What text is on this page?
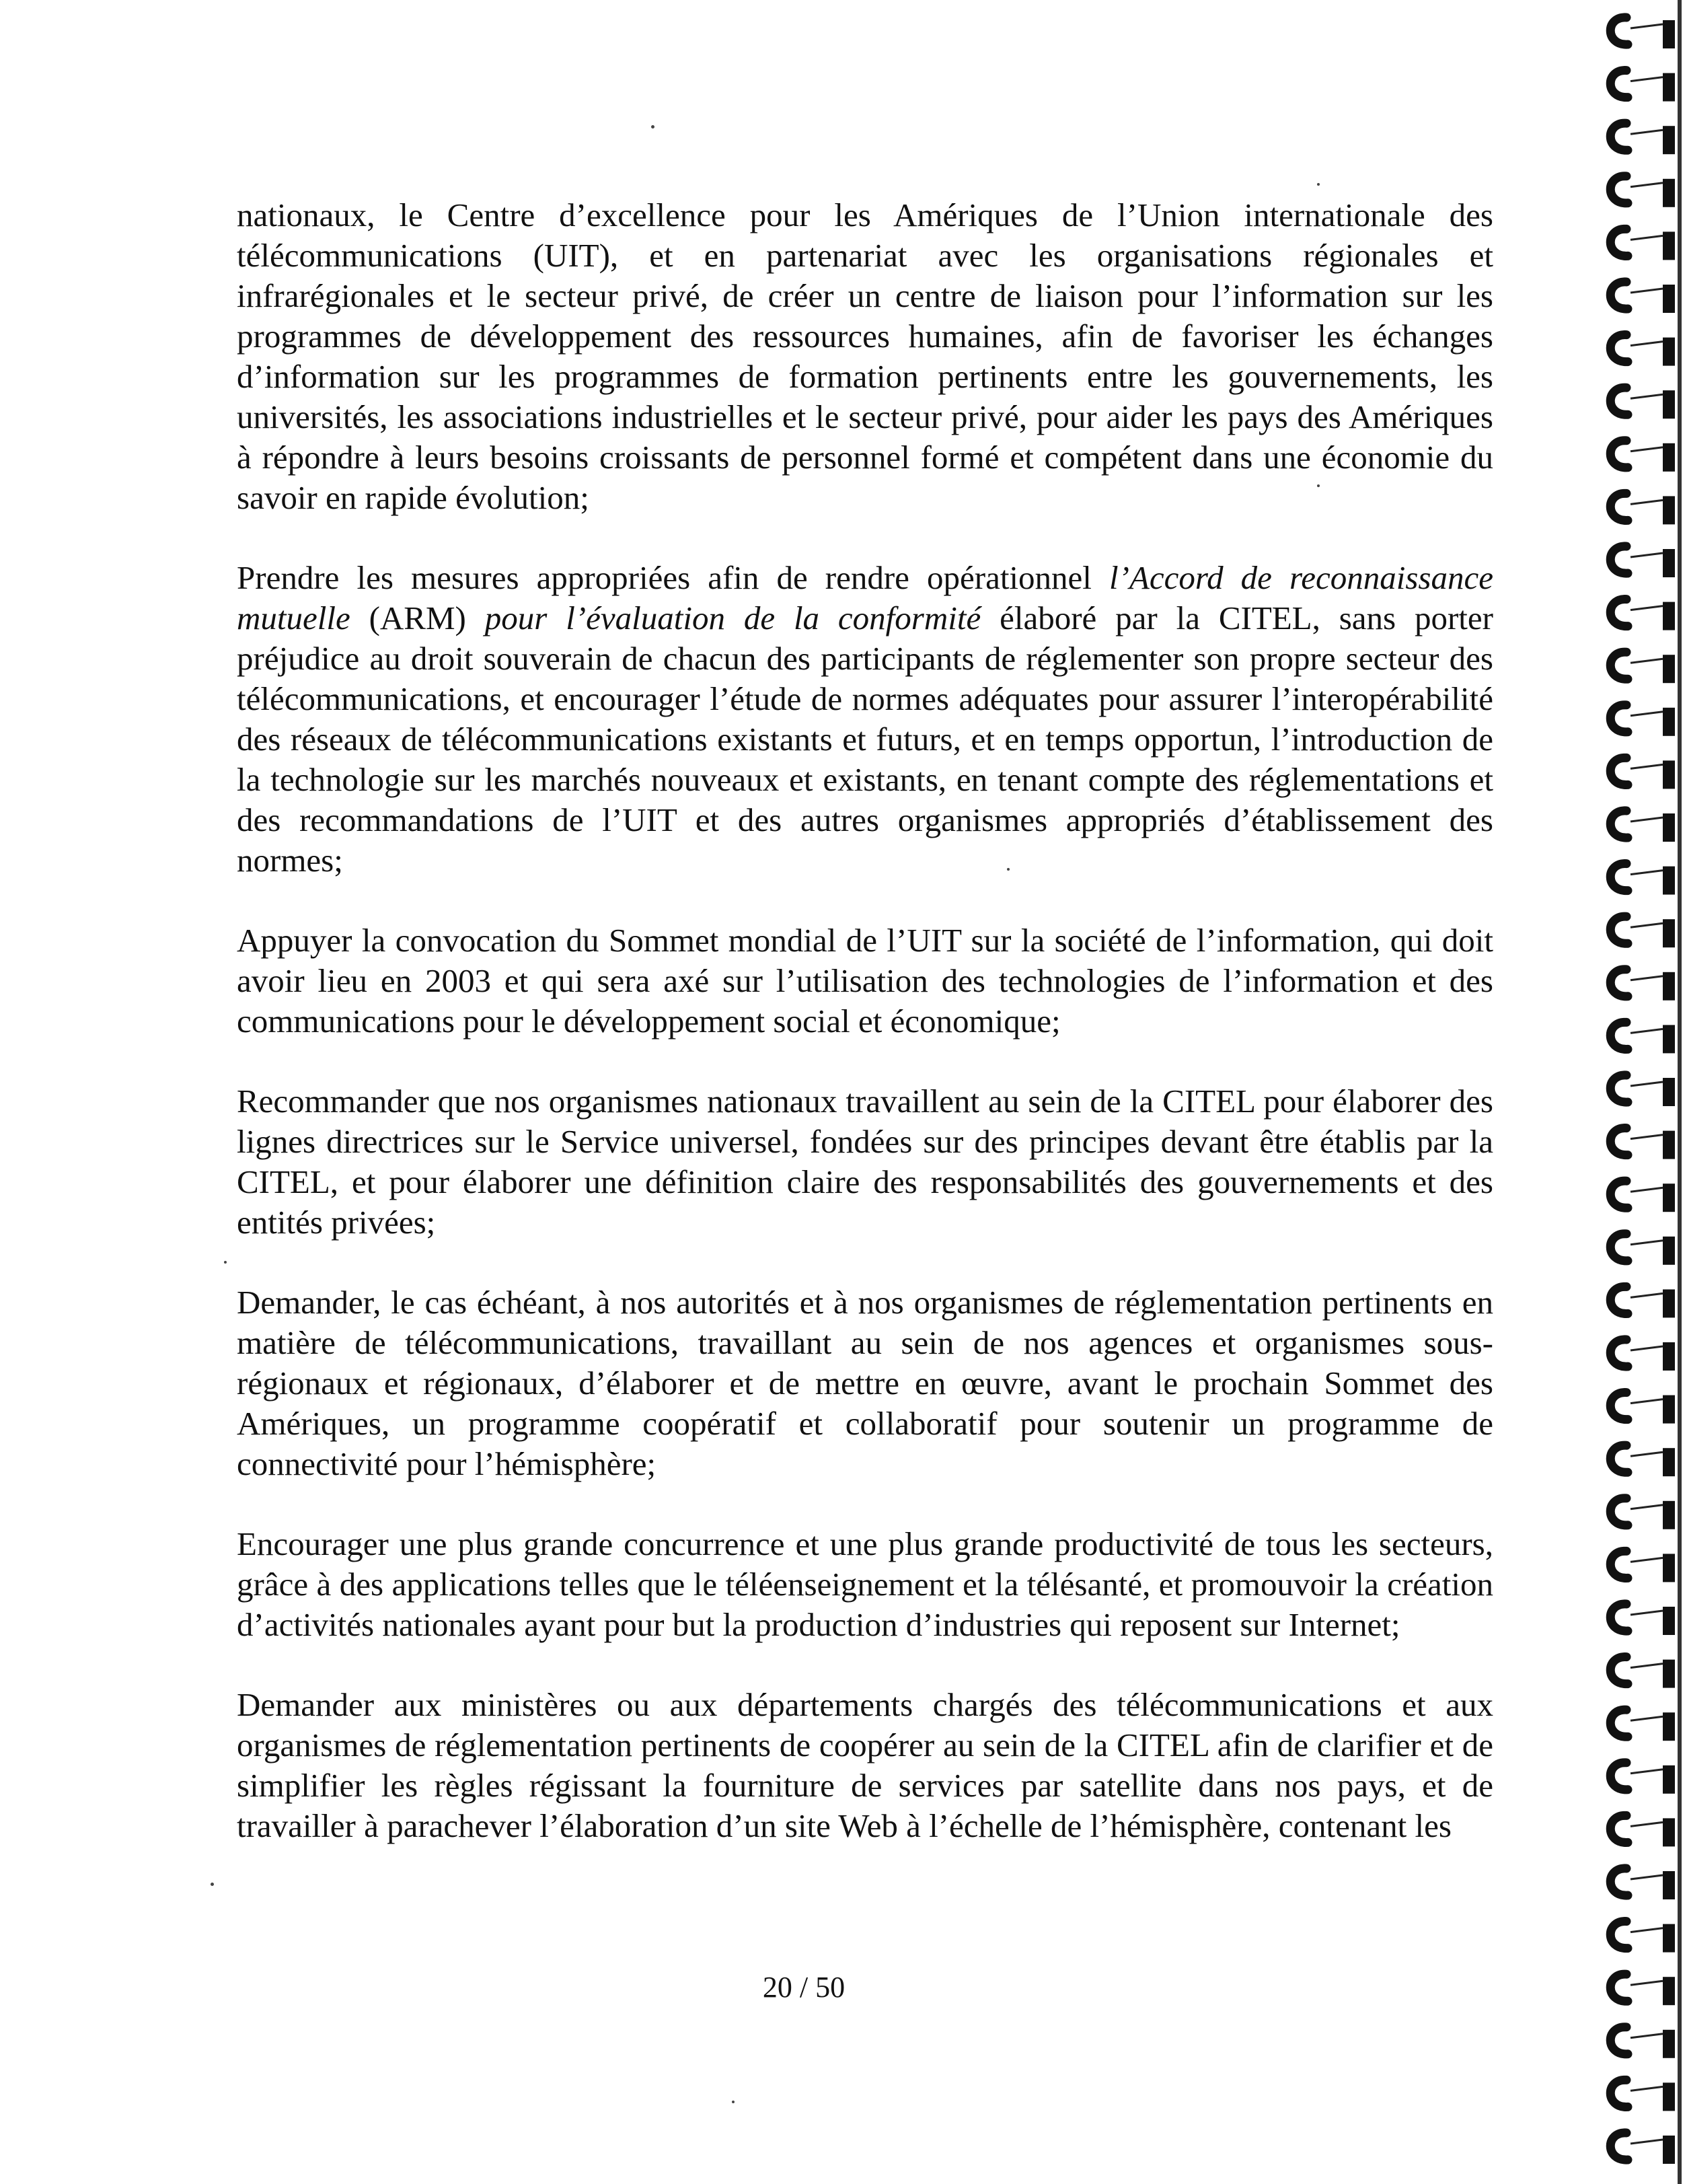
nationaux, le Centre d’excellence pour les Amériques de l’Union internationale des télécommunications (UIT), et en partenariat avec les organisations régionales et infrarégionales et le secteur privé, de créer un centre de liaison pour l’information sur les programmes de développement des ressources humaines, afin de favoriser les échanges d’information sur les programmes de formation pertinents entre les gouvernements, les universités, les associations industrielles et le secteur privé, pour aider les pays des Amériques à répondre à leurs besoins croissants de personnel formé et compétent dans une économie du savoir en rapide évolution;

Prendre les mesures appropriées afin de rendre opérationnel l’Accord de reconnaissance mutuelle (ARM) pour l’évaluation de la conformité élaboré par la CITEL, sans porter préjudice au droit souverain de chacun des participants de réglementer son propre secteur des télécommunications, et encourager l’étude de normes adéquates pour assurer l’interopérabilité des réseaux de télécommunications existants et futurs, et en temps opportun, l’introduction de la technologie sur les marchés nouveaux et existants, en tenant compte des réglementations et des recommandations de l’UIT et des autres organismes appropriés d’établissement des normes;

Appuyer la convocation du Sommet mondial de l’UIT sur la société de l’information, qui doit avoir lieu en 2003 et qui sera axé sur l’utilisation des technologies de l’information et des communications pour le développement social et économique;

Recommander que nos organismes nationaux travaillent au sein de la CITEL pour élaborer des lignes directrices sur le Service universel, fondées sur des principes devant être établis par la CITEL, et pour élaborer une définition claire des responsabilités des gouvernements et des entités privées;

Demander, le cas échéant, à nos autorités et à nos organismes de réglementation pertinents en matière de télécommunications, travaillant au sein de nos agences et organismes sous-régionaux et régionaux, d’élaborer et de mettre en œuvre, avant le prochain Sommet des Amériques, un programme coopératif et collaboratif pour soutenir un programme de connectivité pour l’hémisphère;

Encourager une plus grande concurrence et une plus grande productivité de tous les secteurs, grâce à des applications telles que le téléenseignement et la télésanté, et promouvoir la création d’activités nationales ayant pour but la production d’industries qui reposent sur Internet;

Demander aux ministères ou aux départements chargés des télécommunications et aux organismes de réglementation pertinents de coopérer au sein de la CITEL afin de clarifier et de simplifier les règles régissant la fourniture de services par satellite dans nos pays, et de travailler à parachever l’élaboration d’un site Web à l’échelle de l’hémisphère, contenant les

20 / 50
